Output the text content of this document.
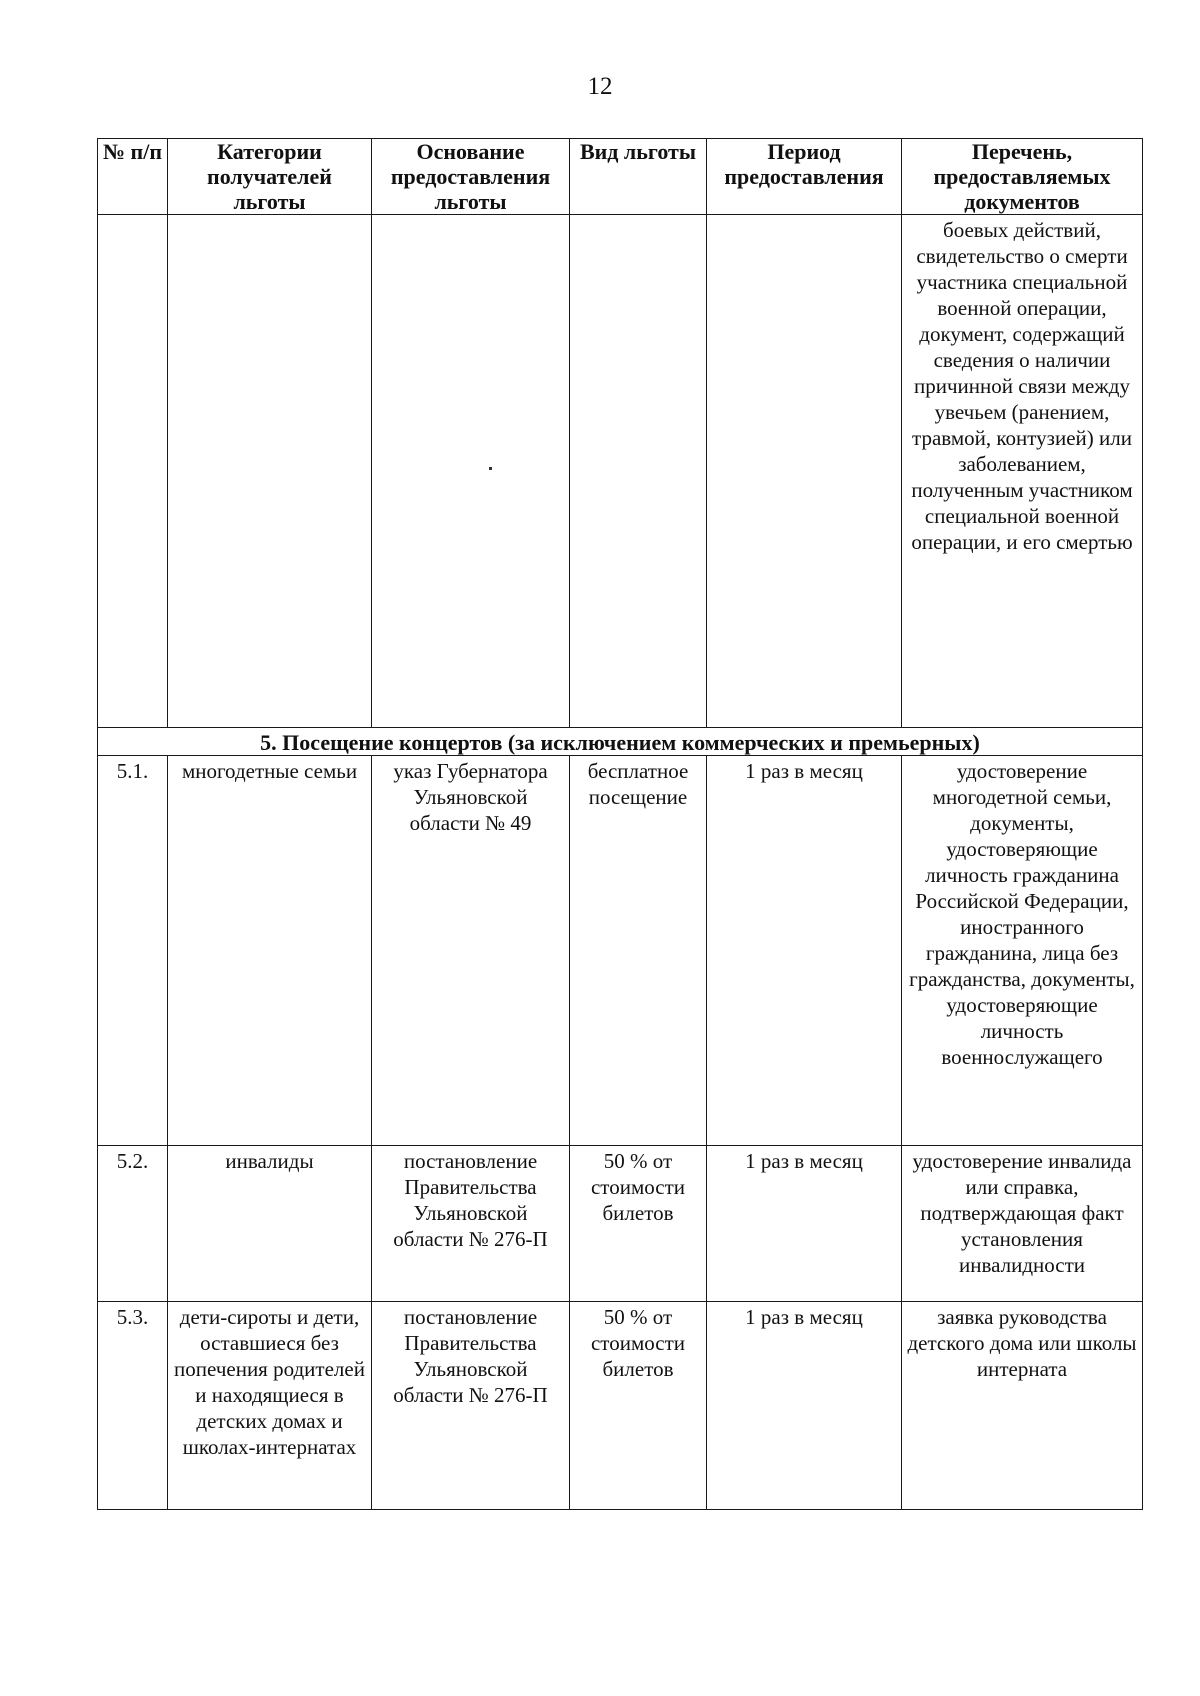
12
№ п/п	Категории получателей льготы	Основание предоставления льготы	Вид льготы	Период предоставления	Перечень, предоставляемых документов
					боевых действий, свидетельство о смерти участника специальной военной операции, документ, содержащий сведения о наличии причинной связи между увечьем (ранением, травмой, контузией) или заболеванием, полученным участником специальной военной операции, и его смертью
5. Посещение концертов (за исключением коммерческих и премьерных)					
5.1.	многодетные семьи	указ Губернатора Ульяновской области № 49	бесплатное посещение	1 раз в месяц	удостоверение многодетной семьи, документы, удостоверяющие личность гражданина Российской Федерации, иностранного гражданина, лица без гражданства, документы, удостоверяющие личность военнослужащего
5.2.	инвалиды	постановление Правительства Ульяновской области № 276-П	50 % от стоимости билетов	1 раз в месяц	удостоверение инвалида или справка, подтверждающая факт установления инвалидности
5.3.	дети-сироты и дети, оставшиеся без попечения родителей и находящиеся в детских домах и школах-интернатах	постановление Правительства Ульяновской области № 276-П	50 % от стоимости билетов	1 раз в месяц	заявка руководства детского дома или школы интерната
